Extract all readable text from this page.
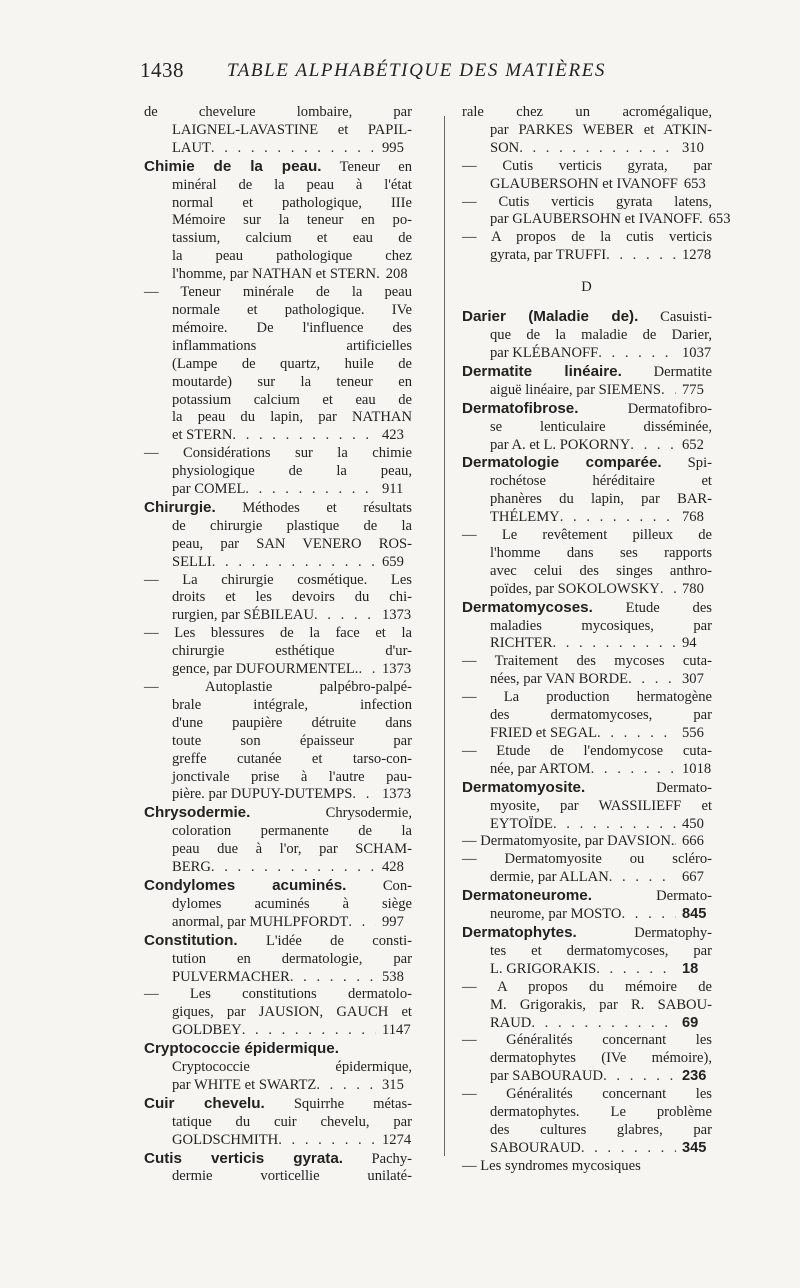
1438	TABLE ALPHABÉTIQUE DES MATIÈRES
de chevelure lombaire, par
LAIGNEL-LAVASTINE et PAPIL-
LAUT . . .	995
Chimie de la peau. Teneur en
minéral de la peau à l'état
normal et pathologique, IIIe
Mémoire sur la teneur en po-
tassium, calcium et eau de
la peau pathologique chez
l'homme, par NATHAN et STERN. 208
— Teneur minérale de la peau
normale et pathologique. IVe
mémoire. De l'influence des
inflammations artificielles
(Lampe de quartz, huile de
moutarde) sur la teneur en
potassium calcium et eau de
la peau du lapin, par NATHAN
et STERN . . .	423
— Considérations sur la chimie
physiologique de la peau,
par COMEL . . .	911
Chirurgie. Méthodes et résultats
de chirurgie plastique de la
peau, par SAN VENERO ROS-
SELLI . . .	659
— La chirurgie cosmétique. Les
droits et les devoirs du chi-
rurgien, par SÉBILEAU . . .	1373
— Les blessures de la face et la
chirurgie esthétique d'ur-
gence, par DUFOURMENTEL. . . .	1373
— Autoplastie palpébro-palpé-
brale intégrale, infection
d'une paupière détruite dans
toute son épaisseur par
greffe cutanée et tarso-con-
jonctivale prise à l'autre pau-
pière. par DUPUY-DUTEMPS . . .	1373
Chrysodermie.	Chrysodermie,
coloration permanente de la
peau due à l'or, par SCHAM-
BERG . . .	428
Condylomes acuminés. Con-
dylomes acuminés à siège
anormal, par MUHLPFORDT . . .	997
Constitution. L'idée de consti-
tution en dermatologie, par
PULVERMACHER . . .	538
— Les constitutions dermatolo-
giques, par JAUSION, GAUCH et
GOLDBEY . . .	1147
Cryptococcie épidermique.
Cryptococcie épidermique,
par WHITE et SWARTZ . . .	315
Cuir chevelu. Squirrhe métas-
tatique du cuir chevelu, par
GOLDSCHMITH . . .	1274
Cutis verticis gyrata. Pachy-
dermie vorticellie unilaté-
rale chez un acromégalique,
par PARKES WEBER et ATKIN-
SON . . .	310
— Cutis verticis gyrata, par
GLAUBERSOHN et IVANOFF 653
— Cutis verticis gyrata latens,
par GLAUBERSOHN et IVANOFF. 653
— A propos de la cutis verticis
gyrata, par TRUFFI . . .	1278
D
Darier (Maladie de). Casuisti-
que de la maladie de Darier,
par KLÉBANOFF . . .	1037
Dermatite linéaire. Dermatite
aiguë linéaire, par SIEMENS . . .	775
Dermatofibrose.	Dermatofibro-
se lenticulaire disséminée,
par A. et L. POKORNY . . .	652
Dermatologie comparée. Spi-
rochétose héréditaire et
phanères du lapin, par BAR-
THÉLEMY . . .	768
— Le revêtement pilleux de
l'homme dans ses rapports
avec celui des singes anthro-
poïdes, par SOKOLOWSKY . . .	780
Dermatomycoses. Etude des
maladies mycosiques, par
RICHTER . . .	94
— Traitement des mycoses cuta-
nées, par VAN BORDE . . .	307
— La production hermatogène
des dermatomycoses, par
FRIED et SEGAL . . .	556
— Etude de l'endomycose cuta-
née, par ARTOM . . .	1018
Dermatomyosite.	Dermato-
myosite, par WASSILIEFF et
EYTOÏDE . . .	450
— Dermatomyosite, par DAVSION. . . . 666
— Dermatomyosite ou scléro-
dermie, par ALLAN . . .	667
Dermatoneurome.	Dermato-
neurome, par MOSTO . . .	845
Dermatophytes.	Dermatophy-
tes et dermatomycoses, par
L. GRIGORAKIS . . .	18
— A propos du mémoire de
M. Grigorakis, par R. SABOU-
RAUD . . .	69
— Généralités concernant les
dermatophytes (IVe mémoire),
par SABOURAUD . . .	236
— Généralités concernant les
dermatophytes. Le problème
des cultures glabres, par
SABOURAUD . . .	345
— Les syndromes mycosiques
